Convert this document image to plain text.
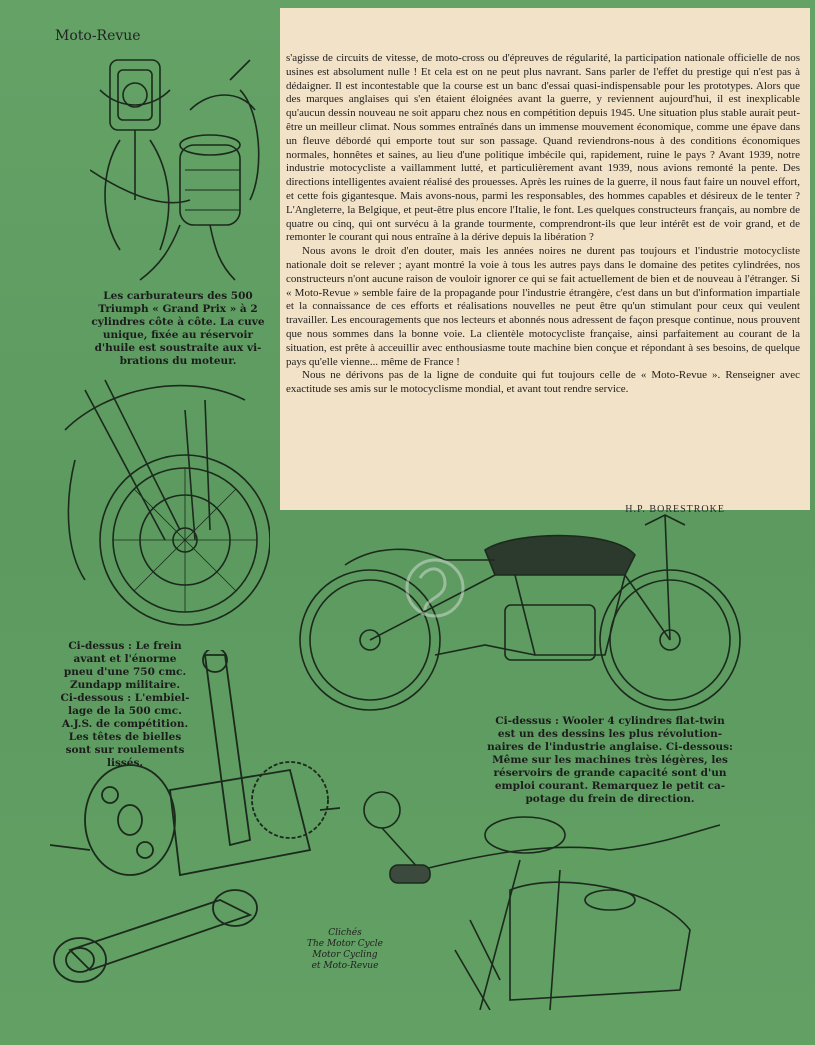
Moto-Revue
Les carburateurs des 500
Triumph « Grand Prix » à 2
cylindres côte à côte. La cuve
unique, fixée au réservoir
d'huile est soustraite aux vi-
brations du moteur.
Ci-dessus : Le frein
avant et l'énorme
pneu d'une 750 cmc.
Zundapp militaire.
Ci-dessous : L'embiel-
lage de la 500 cmc.
A.J.S. de compétition.
Les têtes de bielles
sont sur roulements
lissés.

s'agisse de circuits de vitesse, de moto-cross ou d'épreuves de régularité, la participation nationale officielle de nos usines est absolument nulle ! Et cela est on ne peut plus navrant. Sans parler de l'effet du prestige qui n'est pas à dédaigner. Il est incontestable que la course est un banc d'essai quasi-indispensable pour les prototypes. Alors que des marques anglaises qui s'en étaient éloignées avant la guerre, y reviennent aujourd'hui, il est inexplicable qu'aucun dessin nouveau ne soit apparu chez nous en compétition depuis 1945. Une situation plus stable aurait peut-être un meilleur climat. Nous sommes entraînés dans un immense mouvement économique, comme une épave dans un fleuve débordé qui emporte tout sur son passage. Quand reviendrons-nous à des conditions économiques normales, honnêtes et saines, au lieu d'une politique imbécile qui, rapidement, ruine le pays ? Avant 1939, notre industrie motocycliste a vaillamment lutté, et particulièrement avant 1939, nous avions remonté la pente. Des directions intelligentes avaient réalisé des prouesses. Après les ruines de la guerre, il nous faut faire un nouvel effort, et cette fois gigantesque. Mais avons-nous, parmi les responsables, des hommes capables et désireux de le tenter ? L'Angleterre, la Belgique, et peut-être plus encore l'Italie, le font. Les quelques constructeurs français, au nombre de quatre ou cinq, qui ont survécu à la grande tourmente, comprendront-ils que leur intérêt est de voir grand, et de remonter le courant qui nous entraîne à la dérive depuis la libération ?

Nous avons le droit d'en douter, mais les années noires ne durent pas toujours et l'industrie motocycliste nationale doit se relever ; ayant montré la voie à tous les autres pays dans le domaine des petites cylindrées, nos constructeurs n'ont aucune raison de vouloir ignorer ce qui se fait actuellement de bien et de nouveau à l'étranger. Si « Moto-Revue » semble faire de la propagande pour l'industrie étrangère, c'est dans un but d'information impartiale et la connaissance de ces efforts et réalisations nouvelles ne peut être qu'un stimulant pour ceux qui veulent travailler. Les encouragements que nos lecteurs et abonnés nous adressent de façon presque continue, nous prouvent que nous sommes dans la bonne voie. La clientèle motocycliste française, ainsi parfaitement au courant de la situation, est prête à acceuillir avec enthousiasme toute machine bien conçue et répondant à ses besoins, de quelque pays qu'elle vienne... même de France !

Nous ne dérivons pas de la ligne de conduite qui fut toujours celle de « Moto-Revue ». Renseigner avec exactitude ses amis sur le motocyclisme mondial, et avant tout rendre service.

H.P. BORESTROKE
Ci-dessus : Wooler 4 cylindres flat-twin
est un des dessins les plus révolution-
naires de l'industrie anglaise. Ci-dessous:
Même sur les machines très légères, les
réservoirs de grande capacité sont d'un
emploi courant. Remarquez le petit ca-
potage du frein de direction.
Clichés
The Motor Cycle
Motor Cycling
et Moto-Revue
